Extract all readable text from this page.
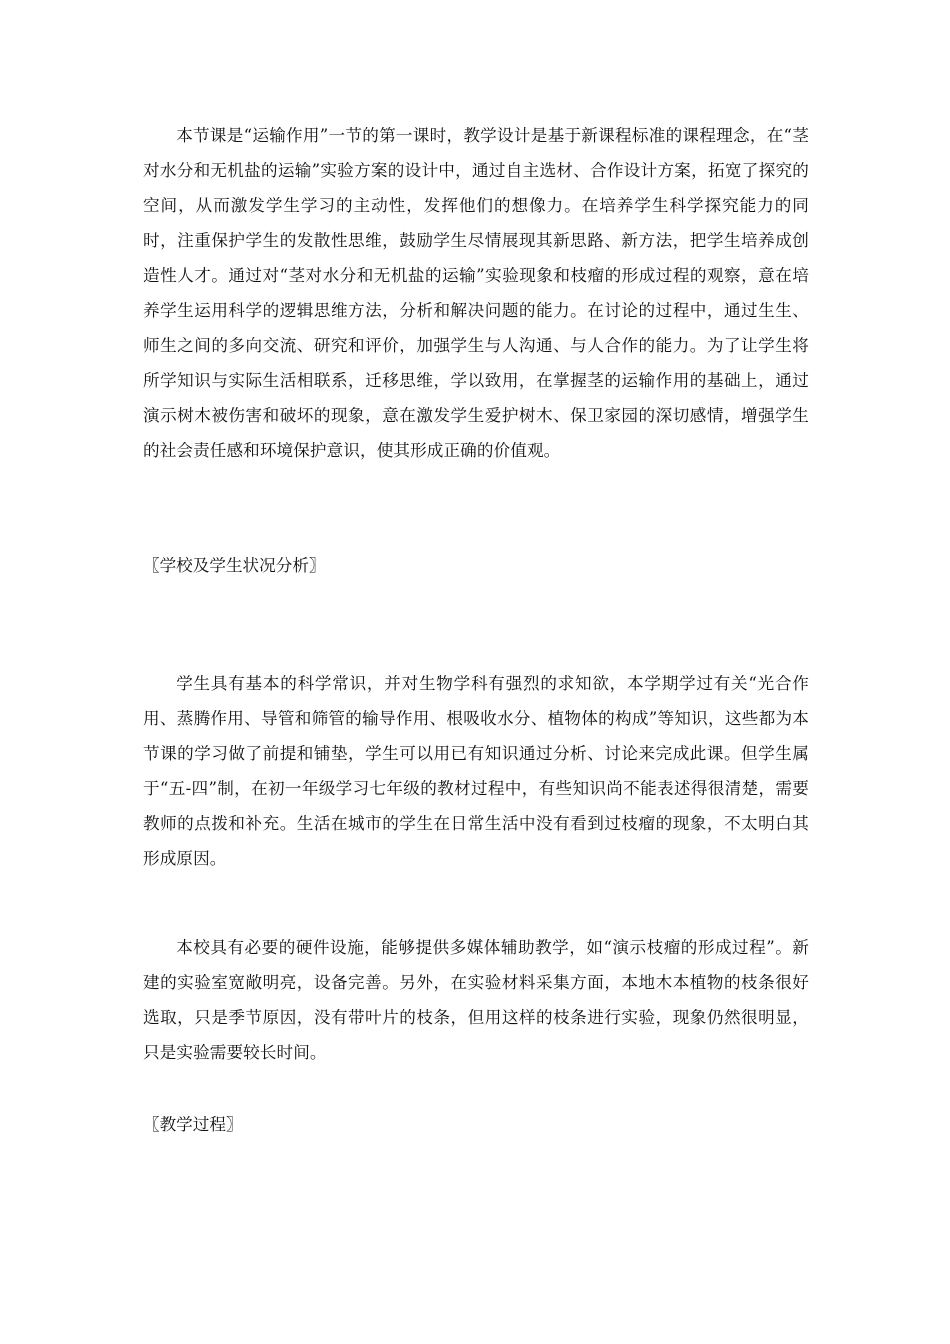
本节课是“运输作用”一节的第一课时，教学设计是基于新课程标准的课程理念，在“茎对水分和无机盐的运输”实验方案的设计中，通过自主选材、合作设计方案，拓宽了探究的空间，从而激发学生学习的主动性，发挥他们的想像力。在培养学生科学探究能力的同时，注重保护学生的发散性思维，鼓励学生尽情展现其新思路、新方法，把学生培养成创造性人才。通过对“茎对水分和无机盐的运输”实验现象和枝瘤的形成过程的观察，意在培养学生运用科学的逻辑思维方法，分析和解决问题的能力。在讨论的过程中，通过生生、师生之间的多向交流、研究和评价，加强学生与人沟通、与人合作的能力。为了让学生将所学知识与实际生活相联系，迁移思维，学以致用，在掌握茎的运输作用的基础上，通过演示树木被伤害和破坏的现象，意在激发学生爱护树木、保卫家园的深切感情，增强学生的社会责任感和环境保护意识，使其形成正确的价值观。

〖学校及学生状况分析〗

学生具有基本的科学常识，并对生物学科有强烈的求知欲，本学期学过有关“光合作用、蒸腾作用、导管和筛管的输导作用、根吸收水分、植物体的构成”等知识，这些都为本节课的学习做了前提和铺垫，学生可以用已有知识通过分析、讨论来完成此课。但学生属于“五-四”制，在初一年级学习七年级的教材过程中，有些知识尚不能表述得很清楚，需要教师的点拨和补充。生活在城市的学生在日常生活中没有看到过枝瘤的现象，不太明白其形成原因。

本校具有必要的硬件设施，能够提供多媒体辅助教学，如“演示枝瘤的形成过程”。新建的实验室宽敞明亮，设备完善。另外，在实验材料采集方面，本地木本植物的枝条很好选取，只是季节原因，没有带叶片的枝条，但用这样的枝条进行实验，现象仍然很明显，只是实验需要较长时间。

〖教学过程〗
